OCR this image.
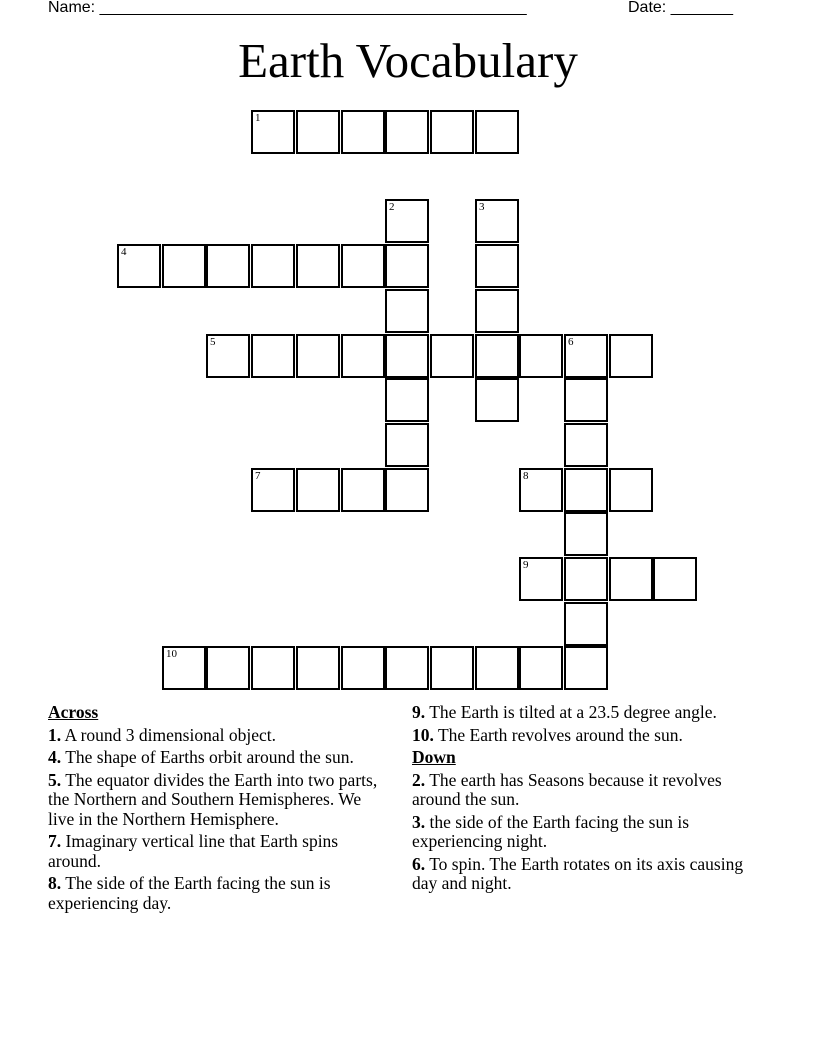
Name: ________________________________________________	Date: _______
Earth Vocabulary
1
2	3
4
5	6
7	8
9
10
Across
1. A round 3 dimensional object.
4. The shape of Earths orbit around the sun.
5. The equator divides the Earth into two parts, the Northern and Southern Hemispheres. We live in the Northern Hemisphere.
7. Imaginary vertical line that Earth spins around.
8. The side of the Earth facing the sun is experiencing day.
9. The Earth is tilted at a 23.5 degree angle.
10. The Earth revolves around the sun.
Down
2. The earth has Seasons because it revolves around the sun.
3. the side of the Earth facing the sun is experiencing night.
6. To spin. The Earth rotates on its axis causing day and night.
